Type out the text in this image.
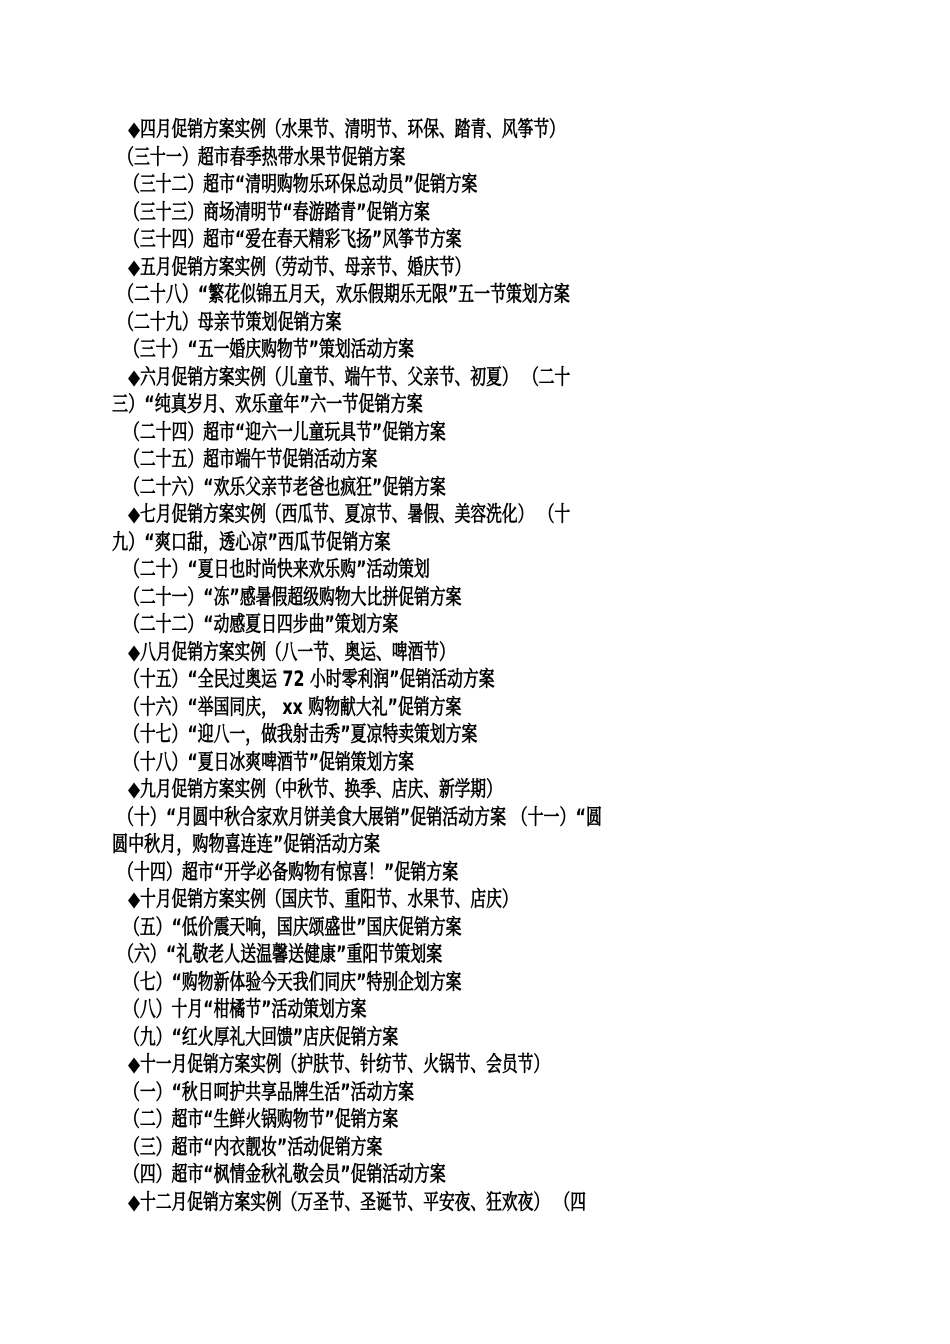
◆四月促销方案实例（水果节、清明节、环保、踏青、风筝节）
（三十一）超市春季热带水果节促销方案
（三十二）超市“清明购物乐环保总动员”促销方案
（三十三）商场清明节“春游踏青”促销方案
（三十四）超市“爱在春天精彩飞扬”风筝节方案
◆五月促销方案实例（劳动节、母亲节、婚庆节）
（二十八）“繁花似锦五月天，欢乐假期乐无限”五一节策划方案
（二十九）母亲节策划促销方案
（三十）“五一婚庆购物节”策划活动方案
◆六月促销方案实例（儿童节、端午节、父亲节、初夏） （二十
三）“纯真岁月、欢乐童年”六一节促销方案
（二十四）超市“迎六一儿童玩具节”促销方案
（二十五）超市端午节促销活动方案
（二十六）“欢乐父亲节老爸也疯狂”促销方案
◆七月促销方案实例（西瓜节、夏凉节、暑假、美容洗化） （十
九）“爽口甜，透心凉”西瓜节促销方案
（二十）“夏日也时尚快来欢乐购”活动策划
（二十一）“冻”感暑假超级购物大比拼促销方案
（二十二）“动感夏日四步曲”策划方案
◆八月促销方案实例（八一节、奥运、啤酒节）
（十五）“全民过奥运 72 小时零利润”促销活动方案
（十六）“举国同庆， xx 购物献大礼”促销方案
（十七）“迎八一，做我射击秀”夏凉特卖策划方案
（十八）“夏日冰爽啤酒节”促销策划方案
◆九月促销方案实例（中秋节、换季、店庆、新学期）
（十）“月圆中秋合家欢月饼美食大展销”促销活动方案 （十一）“圆
圆中秋月，购物喜连连”促销活动方案
（十四）超市“开学必备购物有惊喜！”促销方案
◆十月促销方案实例（国庆节、重阳节、水果节、店庆）
（五）“低价震天响，国庆颂盛世”国庆促销方案
（六）“礼敬老人送温馨送健康”重阳节策划案
（七）“购物新体验今天我们同庆”特别企划方案
（八）十月“柑橘节”活动策划方案
（九）“红火厚礼大回馈”店庆促销方案
◆十一月促销方案实例（护肤节、针纺节、火锅节、会员节）
（一）“秋日呵护共享品牌生活”活动方案
（二）超市“生鲜火锅购物节”促销方案
（三）超市“内衣靓妆”活动促销方案
（四）超市“枫情金秋礼敬会员”促销活动方案
◆十二月促销方案实例（万圣节、圣诞节、平安夜、狂欢夜） （四
